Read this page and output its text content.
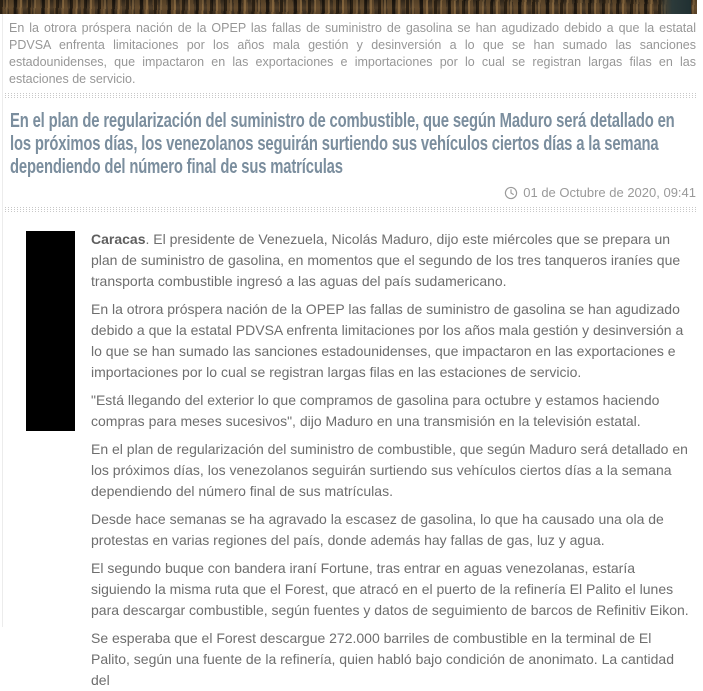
En la otrora próspera nación de la OPEP las fallas de suministro de gasolina se han agudizado debido a que la estatal PDVSA enfrenta limitaciones por los años mala gestión y desinversión a lo que se han sumado las sanciones estadounidenses, que impactaron en las exportaciones e importaciones por lo cual se registran largas filas en las estaciones de servicio.

En el plan de regularización del suministro de combustible, que según Maduro será detallado en los próximos días, los venezolanos seguirán surtiendo sus vehículos ciertos días a la semana dependiendo del número final de sus matrículas
01 de Octubre de 2020, 09:41

Caracas. El presidente de Venezuela, Nicolás Maduro, dijo este miércoles que se prepara un plan de suministro de gasolina, en momentos que el segundo de los tres tanqueros iraníes que transporta combustible ingresó a las aguas del país sudamericano.

En la otrora próspera nación de la OPEP las fallas de suministro de gasolina se han agudizado debido a que la estatal PDVSA enfrenta limitaciones por los años mala gestión y desinversión a lo que se han sumado las sanciones estadounidenses, que impactaron en las exportaciones e importaciones por lo cual se registran largas filas en las estaciones de servicio.

"Está llegando del exterior lo que compramos de gasolina para octubre y estamos haciendo compras para meses sucesivos", dijo Maduro en una transmisión en la televisión estatal.

En el plan de regularización del suministro de combustible, que según Maduro será detallado en los próximos días, los venezolanos seguirán surtiendo sus vehículos ciertos días a la semana dependiendo del número final de sus matrículas.

Desde hace semanas se ha agravado la escasez de gasolina, lo que ha causado una ola de protestas en varias regiones del país, donde además hay fallas de gas, luz y agua.

El segundo buque con bandera iraní Fortune, tras entrar en aguas venezolanas, estaría siguiendo la misma ruta que el Forest, que atracó en el puerto de la refinería El Palito el lunes para descargar combustible, según fuentes y datos de seguimiento de barcos de Refinitiv Eikon.

Se esperaba que el Forest descargue 272.000 barriles de combustible en la terminal de El Palito, según una fuente de la refinería, quien habló bajo condición de anonimato. La cantidad del
